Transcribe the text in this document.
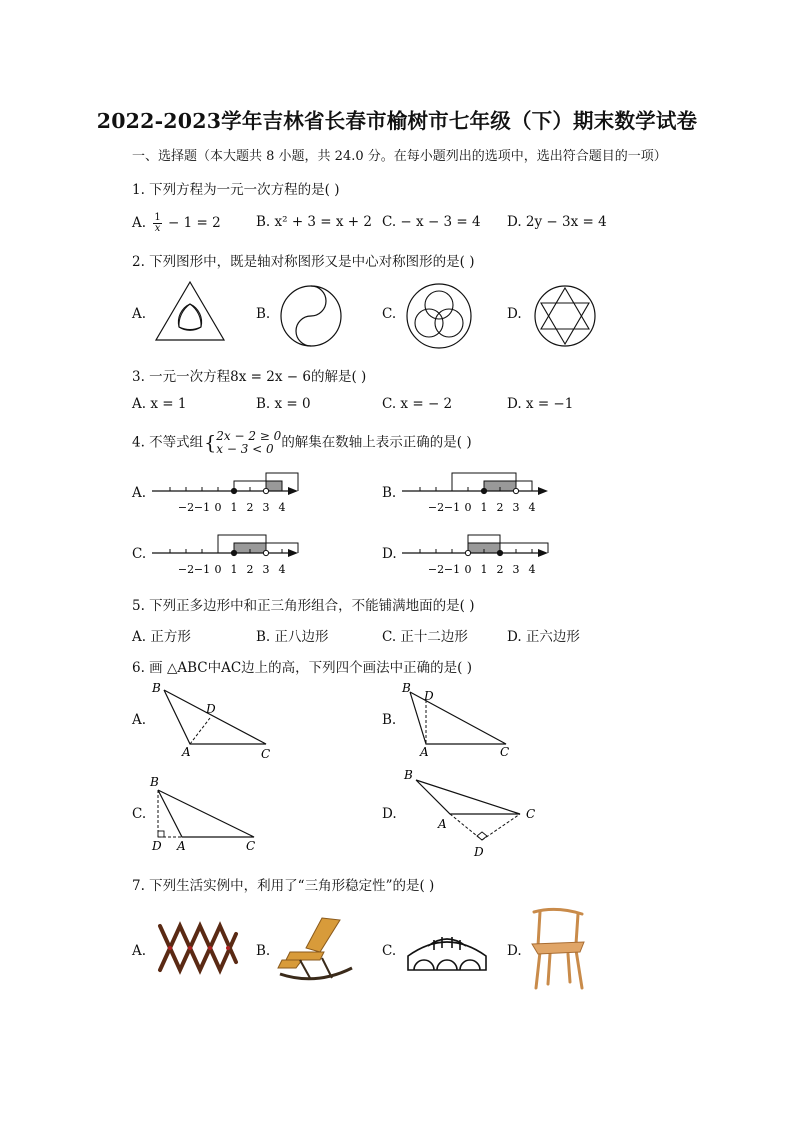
2022-2023学年吉林省长春市榆树市七年级（下）期末数学试卷
一、选择题（本大题共 8 小题，共 24.0 分。在每小题列出的选项中，选出符合题目的一项）
1. 下列方程为一元一次方程的是( )
A. $\frac{1}{x} - 1 = 2$	B. x² + 3 = x + 2 C. − x − 3 = 4 D. 2y − 3x = 4
2. 下列图形中，既是轴对称图形又是中心对称图形的是( )
A.	B.	C.	D.
3. 一元一次方程8x = 2x − 6的解是( )
A. x = 1	B. x = 0	C. x = − 2	D. x = −1
4. 不等式组{ 2x − 2 ≥ 0
x − 3 < 0 的解集在数轴上表示正确的是( )
A.	B.
C.	D.
−2 −1 0 1 2 3 4	−2 −1 0 1 2 3 4
−2 −1 0 1 2 3 4	−2 −1 0 1 2 3 4
5. 下列正多边形中和正三角形组合，不能铺满地面的是( )
A. 正方形	B. 正八边形	C. 正十二边形	D. 正六边形
6. 画 △ABC中AC边上的高，下列四个画法中正确的是( )
A.	B.
C.	D.
B
D
A	C
B
D
A	C
B
D A	C
B
A
C
D
7. 下列生活实例中，利用了“三角形稳定性”的是( )
A.	B.	C.	D.
